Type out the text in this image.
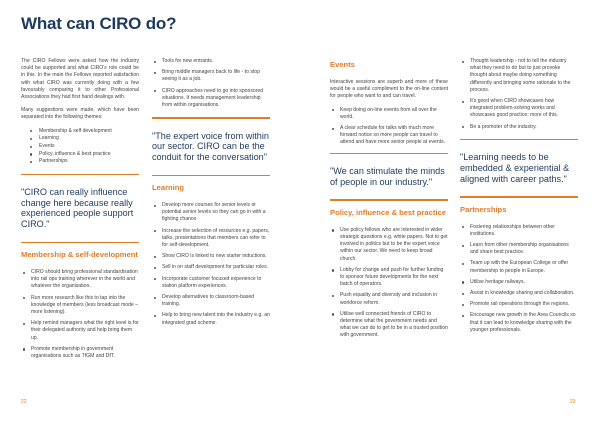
What can CIRO do?

The CIRO Fellows were asked how the industry could be supported and what CIRO's role could be in this. In the main the Fellows reported satisfaction with what CIRO was currently doing with a few favourably comparing it to other Professional Associations they had first hand dealings with.

Many suggestions were made, which have been separated into the following themes:

Membership & self development
Learning
Events
Policy, influence & best practice
Partnerships
"CIRO can really influence change here because really experienced people support CIRO."
Membership & self-development
CIRO should bring professional standardisation into rail ops training wherever in the world and whatever the organisation.
Run more research like this to tap into the knowledge of members (less broadcast mode – more listening).
Help remind managers what the right level is for their delegated authority and help bring them up.
Promote membership in government organisations such as TfGM and DfT.
Tools for new entrants.
Bring middle managers back to life - to stop seeing it as a job.
CIRO approaches need to go into sponsored situations. It needs management leadership from within organisations.
"The expert voice from within our sector. CIRO can be the conduit for the conversation"
Learning
Develop more courses for senior levels or potential senior levels so they can go in with a fighting chance.
Increase the selection of resources e.g. papers, talks, presentations that members can refer to for self-development.
Show CIRO is linked to new starter inductions.
Sell in on staff development for particular roles.
Incorporate customer focused experience to station platform experiences.
Develop alternatives to classroom-based training.
Help to bring new talent into the industry e.g. an integrated grad scheme.
Events

Interactive sessions are superb and more of these would be a useful compliment to the on-line content for people who want to and can travel.

Keep doing on-line events from all over the world.
A clear schedule for talks with much more forward notice so more people can travel to attend and have more senior people at events.
"We can stimulate the minds of people in our industry."
Policy, influence & best practice
Use policy fellows who are interested in wider strategic questions e.g. white papers. Not to get involved in politics but to be the expert voice within our sector. We need to keep broad church.
Lobby for change and push for further funding to sponsor future developments for the next batch of operators.
Push equality and diversity and inclusion in workforce reform.
Utilise well connected friends of CIRO to determine what the government needs and what we can do to get to be in a trusted position with government.
Thought leadership - not to tell the industry what they need to do but to just provoke thought about maybe doing something differently and bringing some rationale to the process.
It's good when CIRO showcases how integrated problem-solving works and showcases good practice; more of this.
Be a promoter of the industry.
"Learning needs to be embedded & experiential & aligned with career paths."
Partnerships
Fostering relationships between other institutions.
Learn from other membership organisations and share best practice.
Team up with the European College or offer membership to people in Europe.
Utilise heritage railways.
Assist in knowledge sharing and collaboration.
Promote rail operations through the regions.
Encourage new growth in the Area Councils so that it can lead to knowledge sharing with the younger professionals.
22	23
